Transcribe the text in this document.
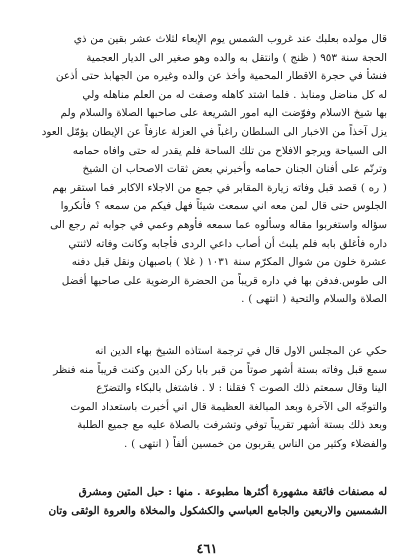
قال مولده بعلبك عند غروب الشمس يوم الإبعاء لثلاث عشر بقين من ذي
الحجة سنة ٩٥٣ ( ظنج ) وانتقل به والده وهو صغير الى الديار العجمية
فنشأ في حجرة الاقطار المحمية وأخذ عن والده وغيره من الجهابذ حتى أذعن
له كل مناضل ومنابذ . فلما اشتد كاهله وصفت له من العلم مناهله ولي
بها شيخ الاسلام وفوّضت اليه امور الشريعة على صاحبها الصلاة والسلام ولم
يزل آخذاً من الاخبار الى السلطان راغباً في العزلة عازفاً عن الإيطان يؤمّل العود
الى السياحة ويرجو الافلاح من تلك الساحة فلم يقدر له حتى وافاه حمامه
وترنّم على أفنان الجنان حمامه وأخبرني بعض ثقات الاصحاب ان الشيخ
( ره ) قصد قبل وفاته زيارة المقابر في جمع من الاجلاء الاكابر فما استقر بهم
الجلوس حتى قال لمن معه اني سمعت شيئاً فهل فيكم من سمعه ؟ فأنكروا
سؤاله واستغربوا مقاله وسألوه عما سمعه فأوهم وعمي في جوابه ثم رجع الى
داره فأغلق بابه فلم يلبث أن أصاب داعي الردى فأجابه وكانت وفاته لاثنتي
عشرة خلون من شوال المكرّم سنة ١٠٣١ ( غلا ) باصبهان ونقل قبل دفنه
الى طوس.فدفن بها في داره قريباً من الحضرة الرضوية على صاحبها أفضل
الصلاة والسلام والتحية ( انتهى ) .

حكي عن المجلس الاول قال في ترجمة استاذه الشيخ بهاء الدين انه
سمع قبل وفاته بستة أشهر صوتاً من قبر بابا ركن الدين وكنت قريباً منه فنظر
الينا وقال سمعتم ذلك الصوت ؟ فقلنا : لا . فاشتغل بالبكاء والتضرّع
والتوجّه الى الآخرة وبعد المبالغة العظيمة قال اني أخبرت باستعداد الموت
وبعد ذلك بستة أشهر تقريباً توفي وتشرفت بالصلاة عليه مع جميع الطلبة
والفضلاء وكثير من الناس يقربون من خمسين ألفاً ( انتهى ) .

له مصنفات فائقة مشهورة أكثرها مطبوعة . منها : حبل المتين ومشرق
الشمسين والاربعين والجامع العباسي والكشكول والمخلاة والعروة الوثقى وتان

٤٦١
